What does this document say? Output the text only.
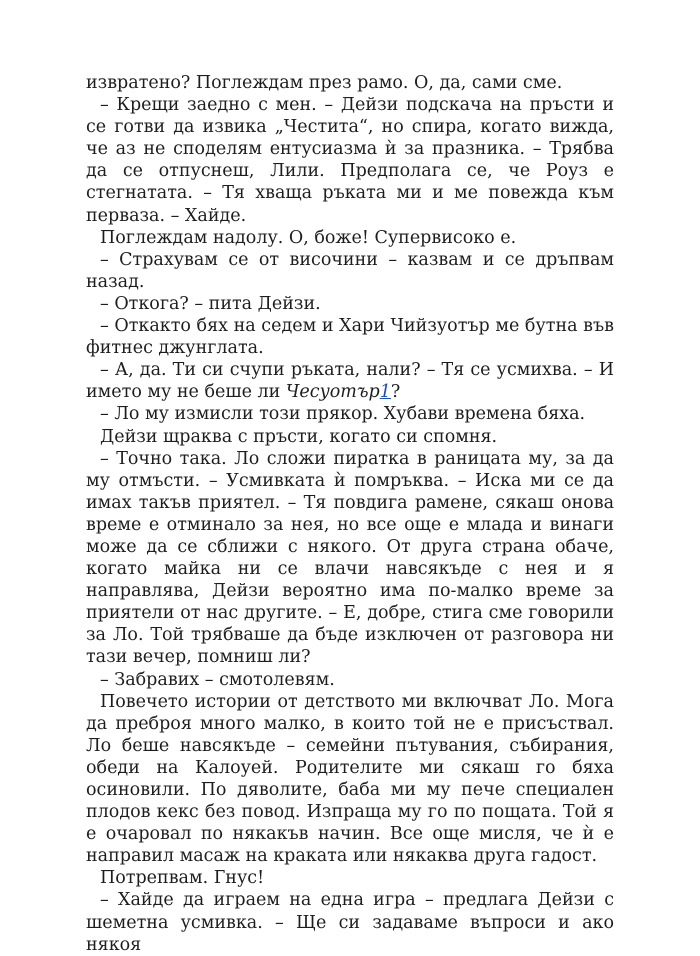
извратено? Поглеждам през рамо. О, да, сами сме.

– Крещи заедно с мен. – Дейзи подскача на пръсти и се готви да извика „Честита“, но спира, когато вижда, че аз не споделям ентусиазма ѝ за празника. – Трябва да се отпуснеш, Лили. Предполага се, че Роуз е стегнатата. – Тя хваща ръката ми и ме повежда към перваза. – Хайде.

Поглеждам надолу. О, боже! Супервисоко е.

– Страхувам се от височини – казвам и се дръпвам назад.

– Откога? – пита Дейзи.

– Откакто бях на седем и Хари Чийзуотър ме бутна във фитнес джунглата.

– А, да. Ти си счупи ръката, нали? – Тя се усмихва. – И името му не беше ли Чесуотър1?

– Ло му измисли този прякор. Хубави времена бяха.

Дейзи щраква с пръсти, когато си спомня.

– Точно така. Ло сложи пиратка в раницата му, за да му отмъсти. – Усмивката ѝ помръква. – Иска ми се да имах такъв приятел. – Тя повдига рамене, сякаш онова време е отминало за нея, но все още е млада и винаги може да се сближи с някого. От друга страна обаче, когато майка ни се влачи навсякъде с нея и я направлява, Дейзи вероятно има по-малко време за приятели от нас другите. – Е, добре, стига сме говорили за Ло. Той трябваше да бъде изключен от разговора ни тази вечер, помниш ли?

– Забравих – смотолевям.

Повечето истории от детството ми включват Ло. Мога да преброя много малко, в които той не е присъствал. Ло беше навсякъде – семейни пътувания, събирания, обеди на Калоуей. Родителите ми сякаш го бяха осиновили. По дяволите, баба ми му пече специален плодов кекс без повод. Изпраща му го по пощата. Той я е очаровал по някакъв начин. Все още мисля, че ѝ е направил масаж на краката или някаква друга гадост.

Потрепвам. Гнус!

– Хайде да играем на една игра – предлага Дейзи с шеметна усмивка. – Ще си задаваме въпроси и ако някоя
